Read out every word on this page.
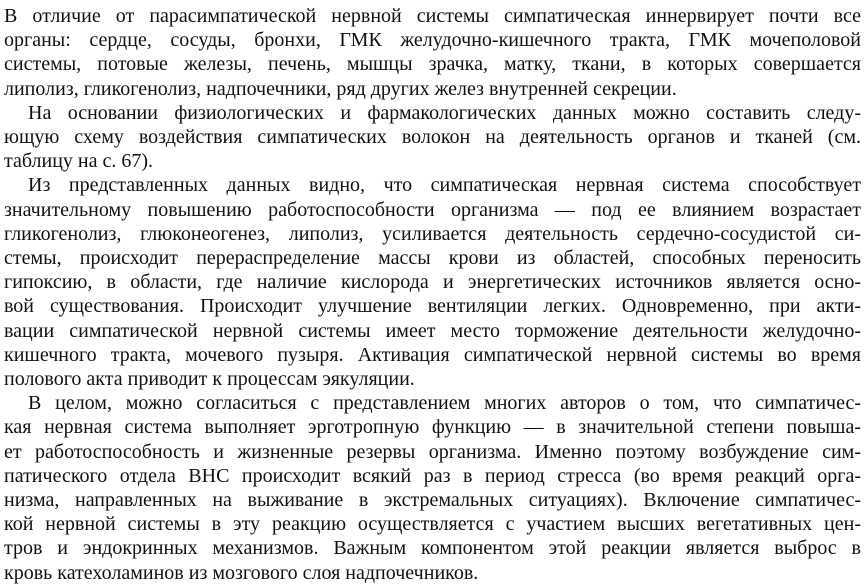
В отличие от парасимпатической нервной системы симпатическая иннервирует почти все
органы: сердце, сосуды, бронхи, ГМК желудочно-кишечного тракта, ГМК мочеполовой
системы, потовые железы, печень, мышцы зрачка, матку, ткани, в которых совершается
липолиз, гликогенолиз, надпочечники, ряд других желез внутренней секреции.

На основании физиологических и фармакологических данных можно составить следу-
ющую схему воздействия симпатических волокон на деятельность органов и тканей (см.
таблицу на с. 67).

Из представленных данных видно, что симпатическая нервная система способствует
значительному повышению работоспособности организма — под ее влиянием возрастает
гликогенолиз, глюконеогенез, липолиз, усиливается деятельность сердечно-сосудистой си-
стемы, происходит перераспределение массы крови из областей, способных переносить
гипоксию, в области, где наличие кислорода и энергетических источников является осно-
вой существования. Происходит улучшение вентиляции легких. Одновременно, при акти-
вации симпатической нервной системы имеет место торможение деятельности желудочно-
кишечного тракта, мочевого пузыря. Активация симпатической нервной системы во время
полового акта приводит к процессам эякуляции.

В целом, можно согласиться с представлением многих авторов о том, что симпатичес-
кая нервная система выполняет эрготропную функцию — в значительной степени повыша-
ет работоспособность и жизненные резервы организма. Именно поэтому возбуждение сим-
патического отдела ВНС происходит всякий раз в период стресса (во время реакций орга-
низма, направленных на выживание в экстремальных ситуациях). Включение симпатичес-
кой нервной системы в эту реакцию осуществляется с участием высших вегетативных цен-
тров и эндокринных механизмов. Важным компонентом этой реакции является выброс в
кровь катехоламинов из мозгового слоя надпочечников.
